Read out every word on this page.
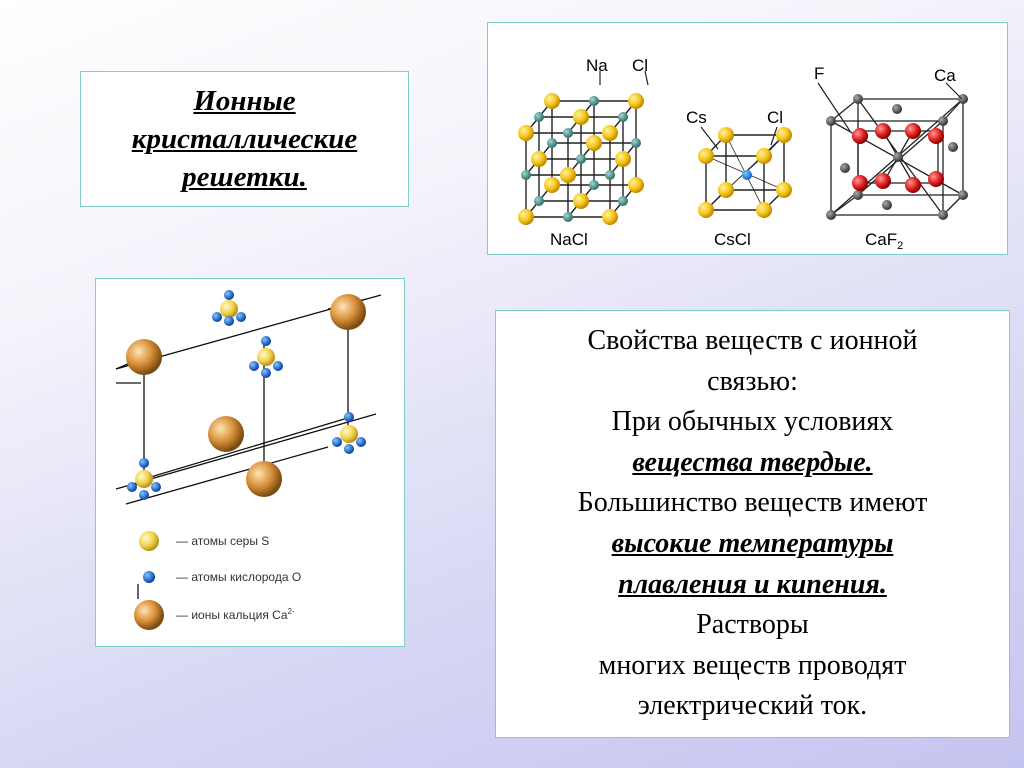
Ионные
кристаллические
решетки.
Na Cl
NaCl
Cs	Cl
CsCl
F	Ca
CaF$_2$
— атомы серы S
— атомы кислорода O
— ионы кальция $Ca^{2-}$
Свойства веществ с ионной
связью:
При обычных условиях
вещества твердые.
Большинство веществ имеют
высокие температуры
плавления и кипения.
Растворы
многих веществ проводят
электрический ток.
